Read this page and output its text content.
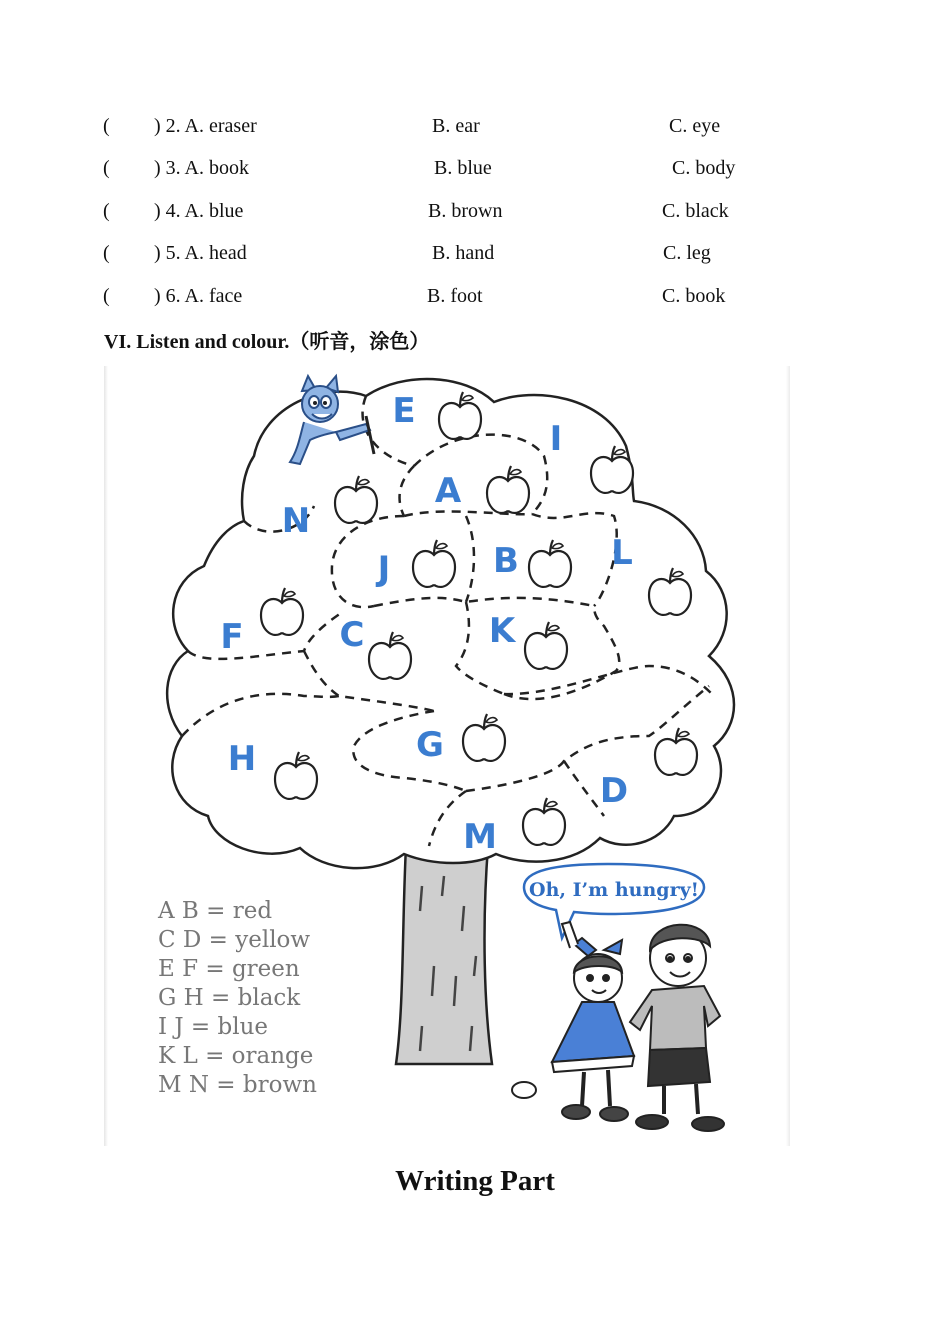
( ) 2. A. eraser	B. ear	C. eye
( ) 3. A. book	B. blue	C. body
( ) 4. A. blue	B. brown	C. black
( ) 5. A. head	B. hand	C. leg
( ) 6. A. face	B. foot	C. book
VI. Listen and colour.（听音，涂色）
E
I
A
N
J	B	L
F	C	K
H	G
D
M
A B = red
C D = yellow
E F = green
G H = black
I J = blue
K L = orange
M N = brown
Oh, I’m hungry!
Writing Part
